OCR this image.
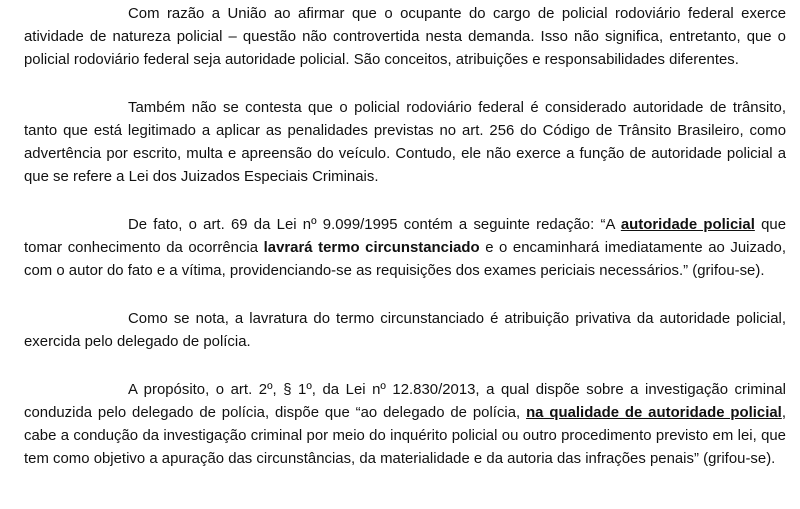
Com razão a União ao afirmar que o ocupante do cargo de policial rodoviário federal exerce atividade de natureza policial – questão não controvertida nesta demanda. Isso não significa, entretanto, que o policial rodoviário federal seja autoridade policial. São conceitos, atribuições e responsabilidades diferentes.

Também não se contesta que o policial rodoviário federal é considerado autoridade de trânsito, tanto que está legitimado a aplicar as penalidades previstas no art. 256 do Código de Trânsito Brasileiro, como advertência por escrito, multa e apreensão do veículo. Contudo, ele não exerce a função de autoridade policial a que se refere a Lei dos Juizados Especiais Criminais.

De fato, o art. 69 da Lei nº 9.099/1995 contém a seguinte redação: “A autoridade policial que tomar conhecimento da ocorrência lavrará termo circunstanciado e o encaminhará imediatamente ao Juizado, com o autor do fato e a vítima, providenciando-se as requisições dos exames periciais necessários.” (grifou-se).

Como se nota, a lavratura do termo circunstanciado é atribuição privativa da autoridade policial, exercida pelo delegado de polícia.

A propósito, o art. 2º, § 1º, da Lei nº 12.830/2013, a qual dispõe sobre a investigação criminal conduzida pelo delegado de polícia, dispõe que “ao delegado de polícia, na qualidade de autoridade policial, cabe a condução da investigação criminal por meio do inquérito policial ou outro procedimento previsto em lei, que tem como objetivo a apuração das circunstâncias, da materialidade e da autoria das infrações penais” (grifou-se).
